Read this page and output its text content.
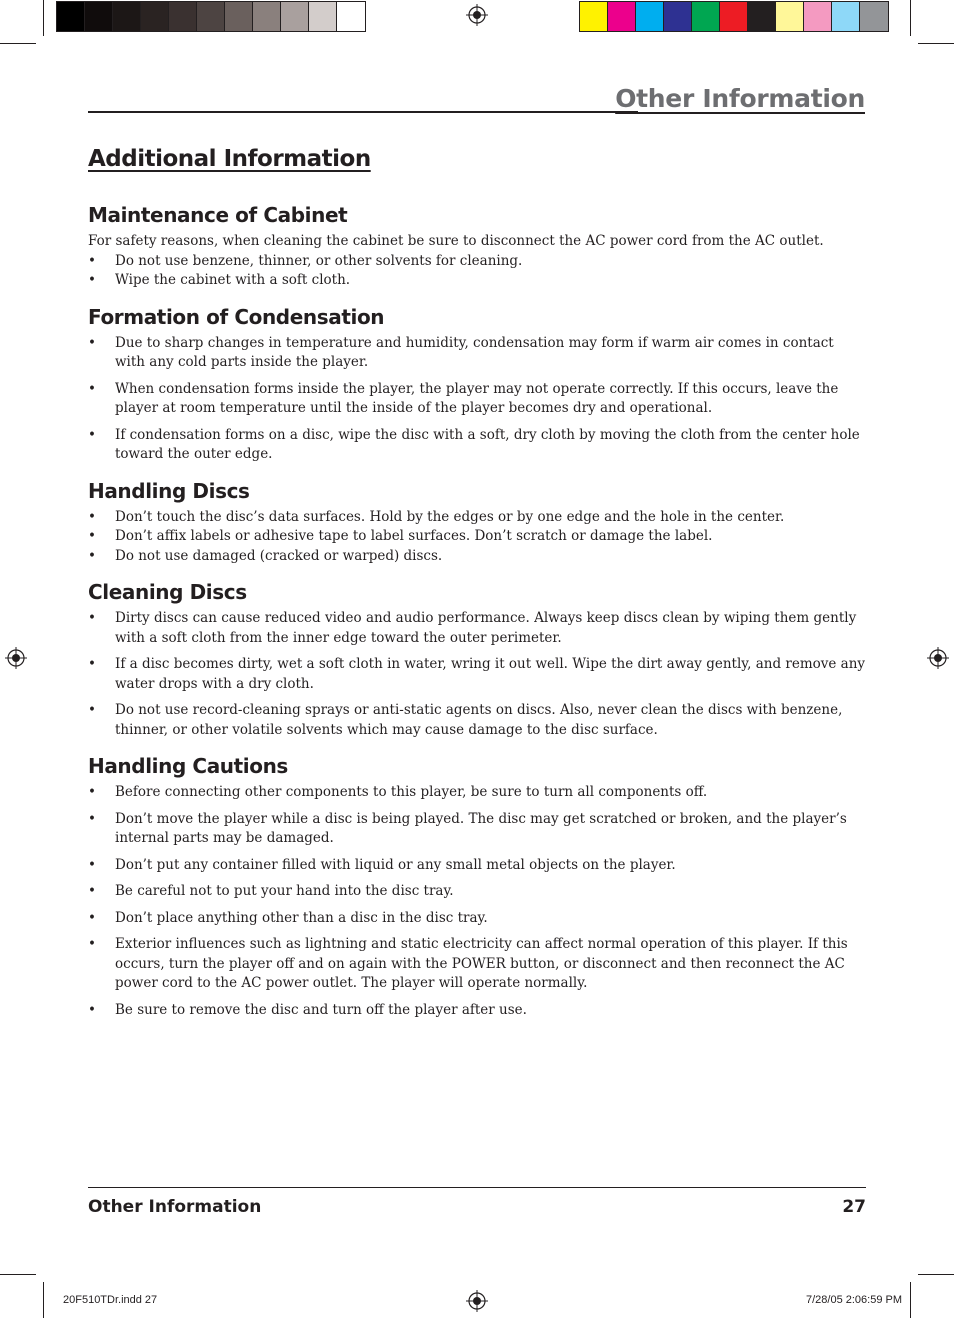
Other Information
Additional Information
Maintenance of Cabinet

For safety reasons, when cleaning the cabinet be sure to disconnect the AC power cord from the AC outlet.

• Do not use benzene, thinner, or other solvents for cleaning.
• Wipe the cabinet with a soft cloth.
Formation of Condensation
• Due to sharp changes in temperature and humidity, condensation may form if warm air comes in contact with any cold parts inside the player.
• When condensation forms inside the player, the player may not operate correctly. If this occurs, leave the player at room temperature until the inside of the player becomes dry and operational.
• If condensation forms on a disc, wipe the disc with a soft, dry cloth by moving the cloth from the center hole toward the outer edge.
Handling Discs
• Don’t touch the disc’s data surfaces. Hold by the edges or by one edge and the hole in the center.
• Don’t affix labels or adhesive tape to label surfaces. Don’t scratch or damage the label.
• Do not use damaged (cracked or warped) discs.
Cleaning Discs
• Dirty discs can cause reduced video and audio performance. Always keep discs clean by wiping them gently with a soft cloth from the inner edge toward the outer perimeter.
• If a disc becomes dirty, wet a soft cloth in water, wring it out well. Wipe the dirt away gently, and remove any water drops with a dry cloth.
• Do not use record-cleaning sprays or anti-static agents on discs. Also, never clean the discs with benzene, thinner, or other volatile solvents which may cause damage to the disc surface.
Handling Cautions
• Before connecting other components to this player, be sure to turn all components off.
• Don’t move the player while a disc is being played. The disc may get scratched or broken, and the player’s internal parts may be damaged.
• Don’t put any container filled with liquid or any small metal objects on the player.
• Be careful not to put your hand into the disc tray.
• Don’t place anything other than a disc in the disc tray.
• Exterior influences such as lightning and static electricity can affect normal operation of this player. If this occurs, turn the player off and on again with the POWER button, or disconnect and then reconnect the AC power cord to the AC power outlet. The player will operate normally.
• Be sure to remove the disc and turn off the player after use.
Other Information	27
20F510TDr.indd 27	7/28/05 2:06:59 PM
